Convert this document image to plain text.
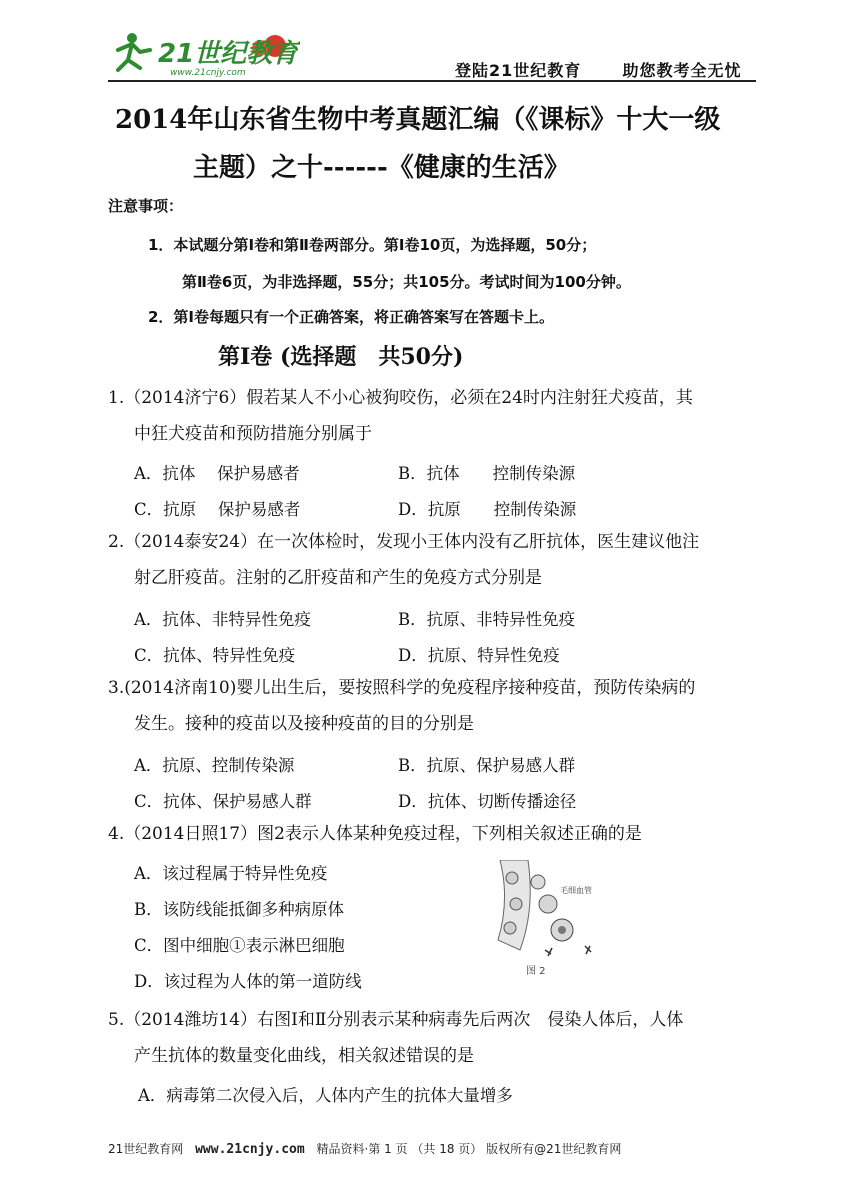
21世纪教育
www.21cnjy.com	登陆21世纪教育	助您教考全无忧
2014年山东省生物中考真题汇编（《课标》十大一级
主题）之十------《健康的生活》
注意事项：
1．本试题分第Ⅰ卷和第Ⅱ卷两部分。第Ⅰ卷10页，为选择题，50分；
第Ⅱ卷6页，为非选择题，55分；共105分。考试时间为100分钟。
2．第Ⅰ卷每题只有一个正确答案，将正确答案写在答题卡上。
第Ⅰ卷 (选择题　共50分)
1.（2014济宁6）假若某人不小心被狗咬伤，必须在24时内注射狂犬疫苗，其
中狂犬疫苗和预防措施分别属于
A．抗体　 保护易感者	B．抗体　　控制传染源
C．抗原　 保护易感者	D．抗原　　控制传染源
2.（2014泰安24）在一次体检时，发现小王体内没有乙肝抗体，医生建议他注
射乙肝疫苗。注射的乙肝疫苗和产生的免疫方式分别是
A．抗体、非特异性免疫	B．抗原、非特异性免疫
C．抗体、特异性免疫	D．抗原、特异性免疫
3.(2014济南10)婴儿出生后，要按照科学的免疫程序接种疫苗，预防传染病的
发生。接种的疫苗以及接种疫苗的目的分别是
A．抗原、控制传染源	B．抗原、保护易感人群
C．抗体、保护易感人群	D．抗体、切断传播途径
4.（2014日照17）图2表示人体某种免疫过程，下列相关叙述正确的是
A．该过程属于特异性免疫
B．该防线能抵御多种病原体
C．图中细胞①表示淋巴细胞
D．该过程为人体的第一道防线
毛细血管
图 2
5.（2014潍坊14）右图Ⅰ和Ⅱ分别表示某种病毒先后两次　侵染人体后，人体
产生抗体的数量变化曲线，相关叙述错误的是
A．病毒第二次侵入后，人体内产生的抗体大量增多
21世纪教育网 www.21cnjy.com 精品资料·第 1 页 （共 18 页） 版权所有@21世纪教育网
